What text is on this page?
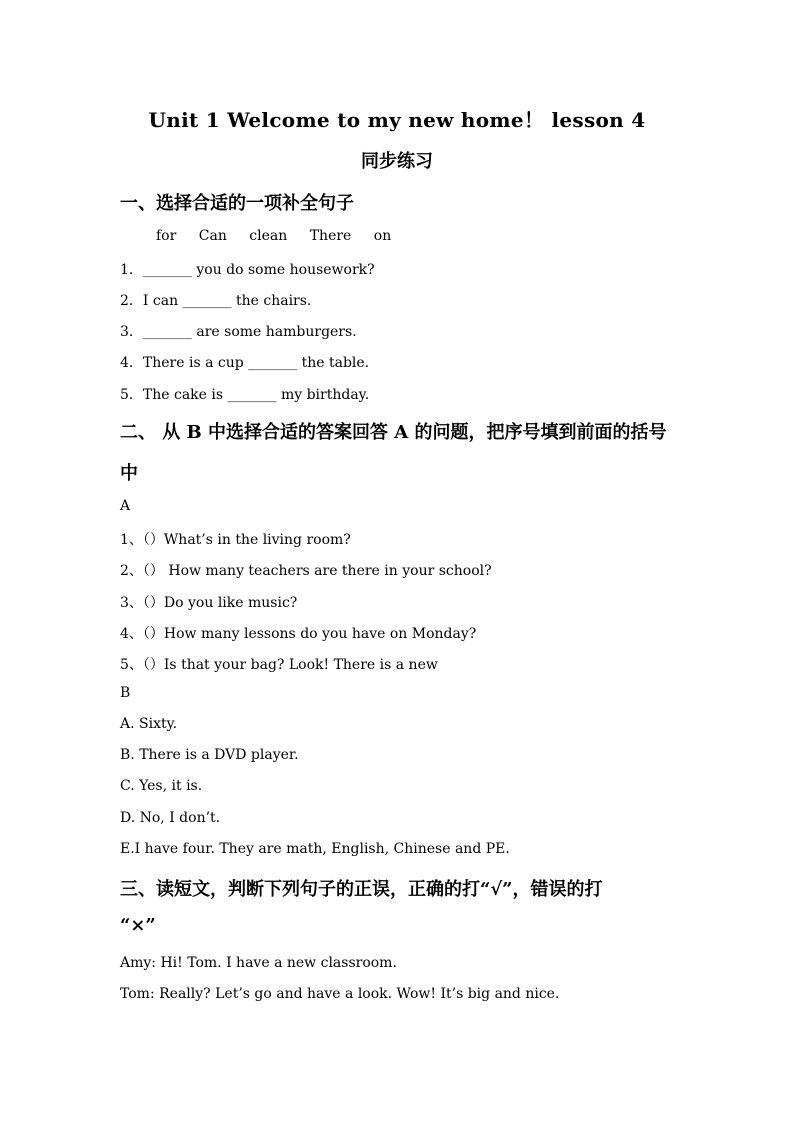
Unit 1 Welcome to my new home！ lesson 4
同步练习
一、选择合适的一项补全句子
for Can clean There on
1．_______ you do some housework?
2．I can _______ the chairs.
3．_______ are some hamburgers.
4．There is a cup _______ the table.
5．The cake is _______ my birthday.
二、 从 B 中选择合适的答案回答 A 的问题，把序号填到前面的括号
中
A
1、（）What’s in the living room?
2、（） How many teachers are there in your school?
3、（）Do you like music?
4、（）How many lessons do you have on Monday?
5、（）Is that your bag? Look! There is a new
B
A. Sixty.
B. There is a DVD player.
C. Yes, it is.
D. No, I don’t.
E.I have four. They are math, English, Chinese and PE.
三、读短文，判断下列句子的正误，正确的打“√”，错误的打
“×”
Amy: Hi! Tom. I have a new classroom.
Tom: Really? Let’s go and have a look. Wow! It’s big and nice.
